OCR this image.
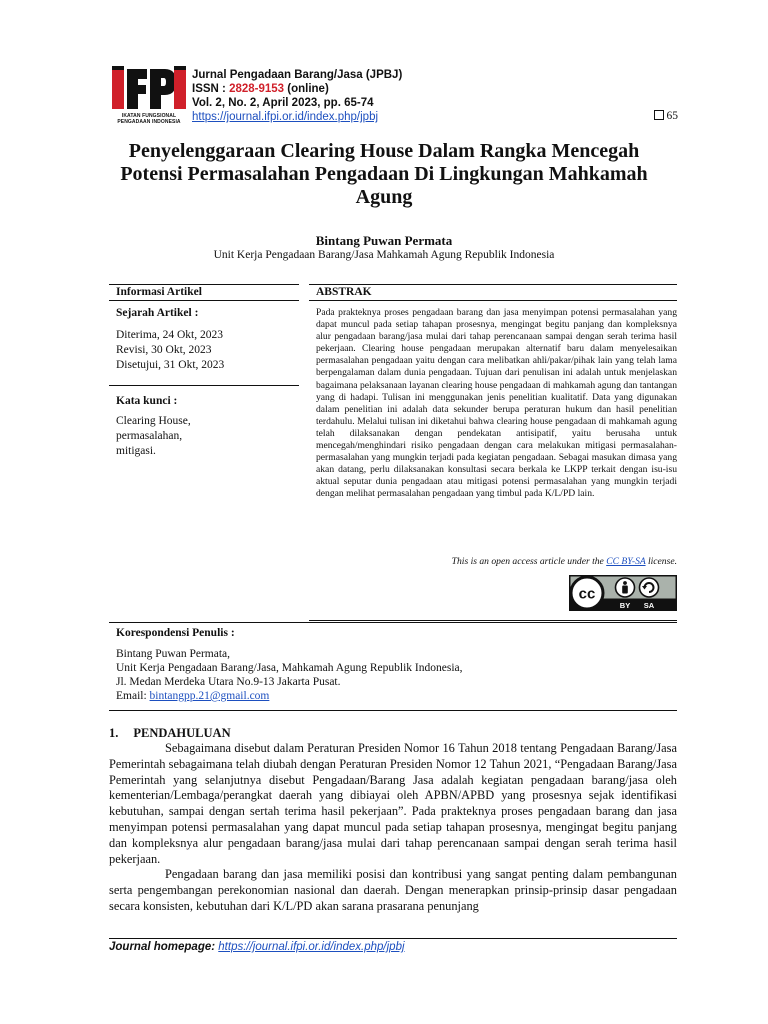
IKATAN FUNGSIONAL
PENGADAAN INDONESIA
Jurnal Pengadaan Barang/Jasa (JPBJ)
ISSN : 2828-9153 (online)
Vol. 2, No. 2, April 2023, pp. 65-74
https://journal.ifpi.or.id/index.php/jpbj	65
Penyelenggaraan Clearing House Dalam Rangka Mencegah
Potensi Permasalahan Pengadaan Di Lingkungan Mahkamah
Agung
Bintang Puwan Permata
Unit Kerja Pengadaan Barang/Jasa Mahkamah Agung Republik Indonesia
Informasi Artikel	ABSTRAK
Sejarah Artikel :
Diterima, 24 Okt, 2023
Revisi, 30 Okt, 2023
Disetujui, 31 Okt, 2023
Kata kunci :
Clearing House,
permasalahan,
mitigasi.
Pada prakteknya proses pengadaan barang dan jasa menyimpan potensi permasalahan yang dapat muncul pada setiap tahapan prosesnya, mengingat begitu panjang dan kompleksnya alur pengadaan barang/jasa mulai dari tahap perencanaan sampai dengan serah terima hasil pekerjaan. Clearing house pengadaan merupakan alternatif baru dalam menyelesaikan permasalahan pengadaan yaitu dengan cara melibatkan ahli/pakar/pihak lain yang telah lama berpengalaman dalam dunia pengadaan. Tujuan dari penulisan ini adalah untuk menjelaskan bagaimana pelaksanaan layanan clearing house pengadaan di mahkamah agung dan tantangan yang di hadapi. Tulisan ini menggunakan jenis penelitian kualitatif. Data yang digunakan dalam penelitian ini adalah data sekunder berupa peraturan hukum dan hasil penelitian terdahulu. Melalui tulisan ini diketahui bahwa clearing house pengadaan di mahkamah agung telah dilaksanakan dengan pendekatan antisipatif, yaitu berusaha untuk mencegah/menghindari risiko pengadaan dengan cara melakukan mitigasi permasalahan-permasalahan yang mungkin terjadi pada kegiatan pengadaan. Sebagai masukan dimasa yang akan datang, perlu dilaksanakan konsultasi secara berkala ke LKPP terkait dengan isu-isu aktual seputar dunia pengadaan atau mitigasi potensi permasalahan yang mungkin terjadi dengan melihat permasalahan pengadaan yang timbul pada K/L/PD lain.
This is an open access article under the CC BY-SA license.
cc
BY SA
Korespondensi Penulis :
Bintang Puwan Permata,
Unit Kerja Pengadaan Barang/Jasa, Mahkamah Agung Republik Indonesia,
Jl. Medan Merdeka Utara No.9-13 Jakarta Pusat.
Email: bintangpp.21@gmail.com
1. PENDAHULUAN

Sebagaimana disebut dalam Peraturan Presiden Nomor 16 Tahun 2018 tentang Pengadaan Barang/Jasa Pemerintah sebagaimana telah diubah dengan Peraturan Presiden Nomor 12 Tahun 2021, “Pengadaan Barang/Jasa Pemerintah yang selanjutnya disebut Pengadaan/Barang Jasa adalah kegiatan pengadaan barang/jasa oleh kementerian/Lembaga/perangkat daerah yang dibiayai oleh APBN/APBD yang prosesnya sejak identifikasi kebutuhan, sampai dengan sertah terima hasil pekerjaan”. Pada prakteknya proses pengadaan barang dan jasa menyimpan potensi permasalahan yang dapat muncul pada setiap tahapan prosesnya, mengingat begitu panjang dan kompleksnya alur pengadaan barang/jasa mulai dari tahap perencanaan sampai dengan serah terima hasil pekerjaan.

Pengadaan barang dan jasa memiliki posisi dan kontribusi yang sangat penting dalam pembangunan serta pengembangan perekonomian nasional dan daerah. Dengan menerapkan prinsip-prinsip dasar pengadaan secara konsisten, kebutuhan dari K/L/PD akan sarana prasarana penunjang

Journal homepage: https://journal.ifpi.or.id/index.php/jpbj
